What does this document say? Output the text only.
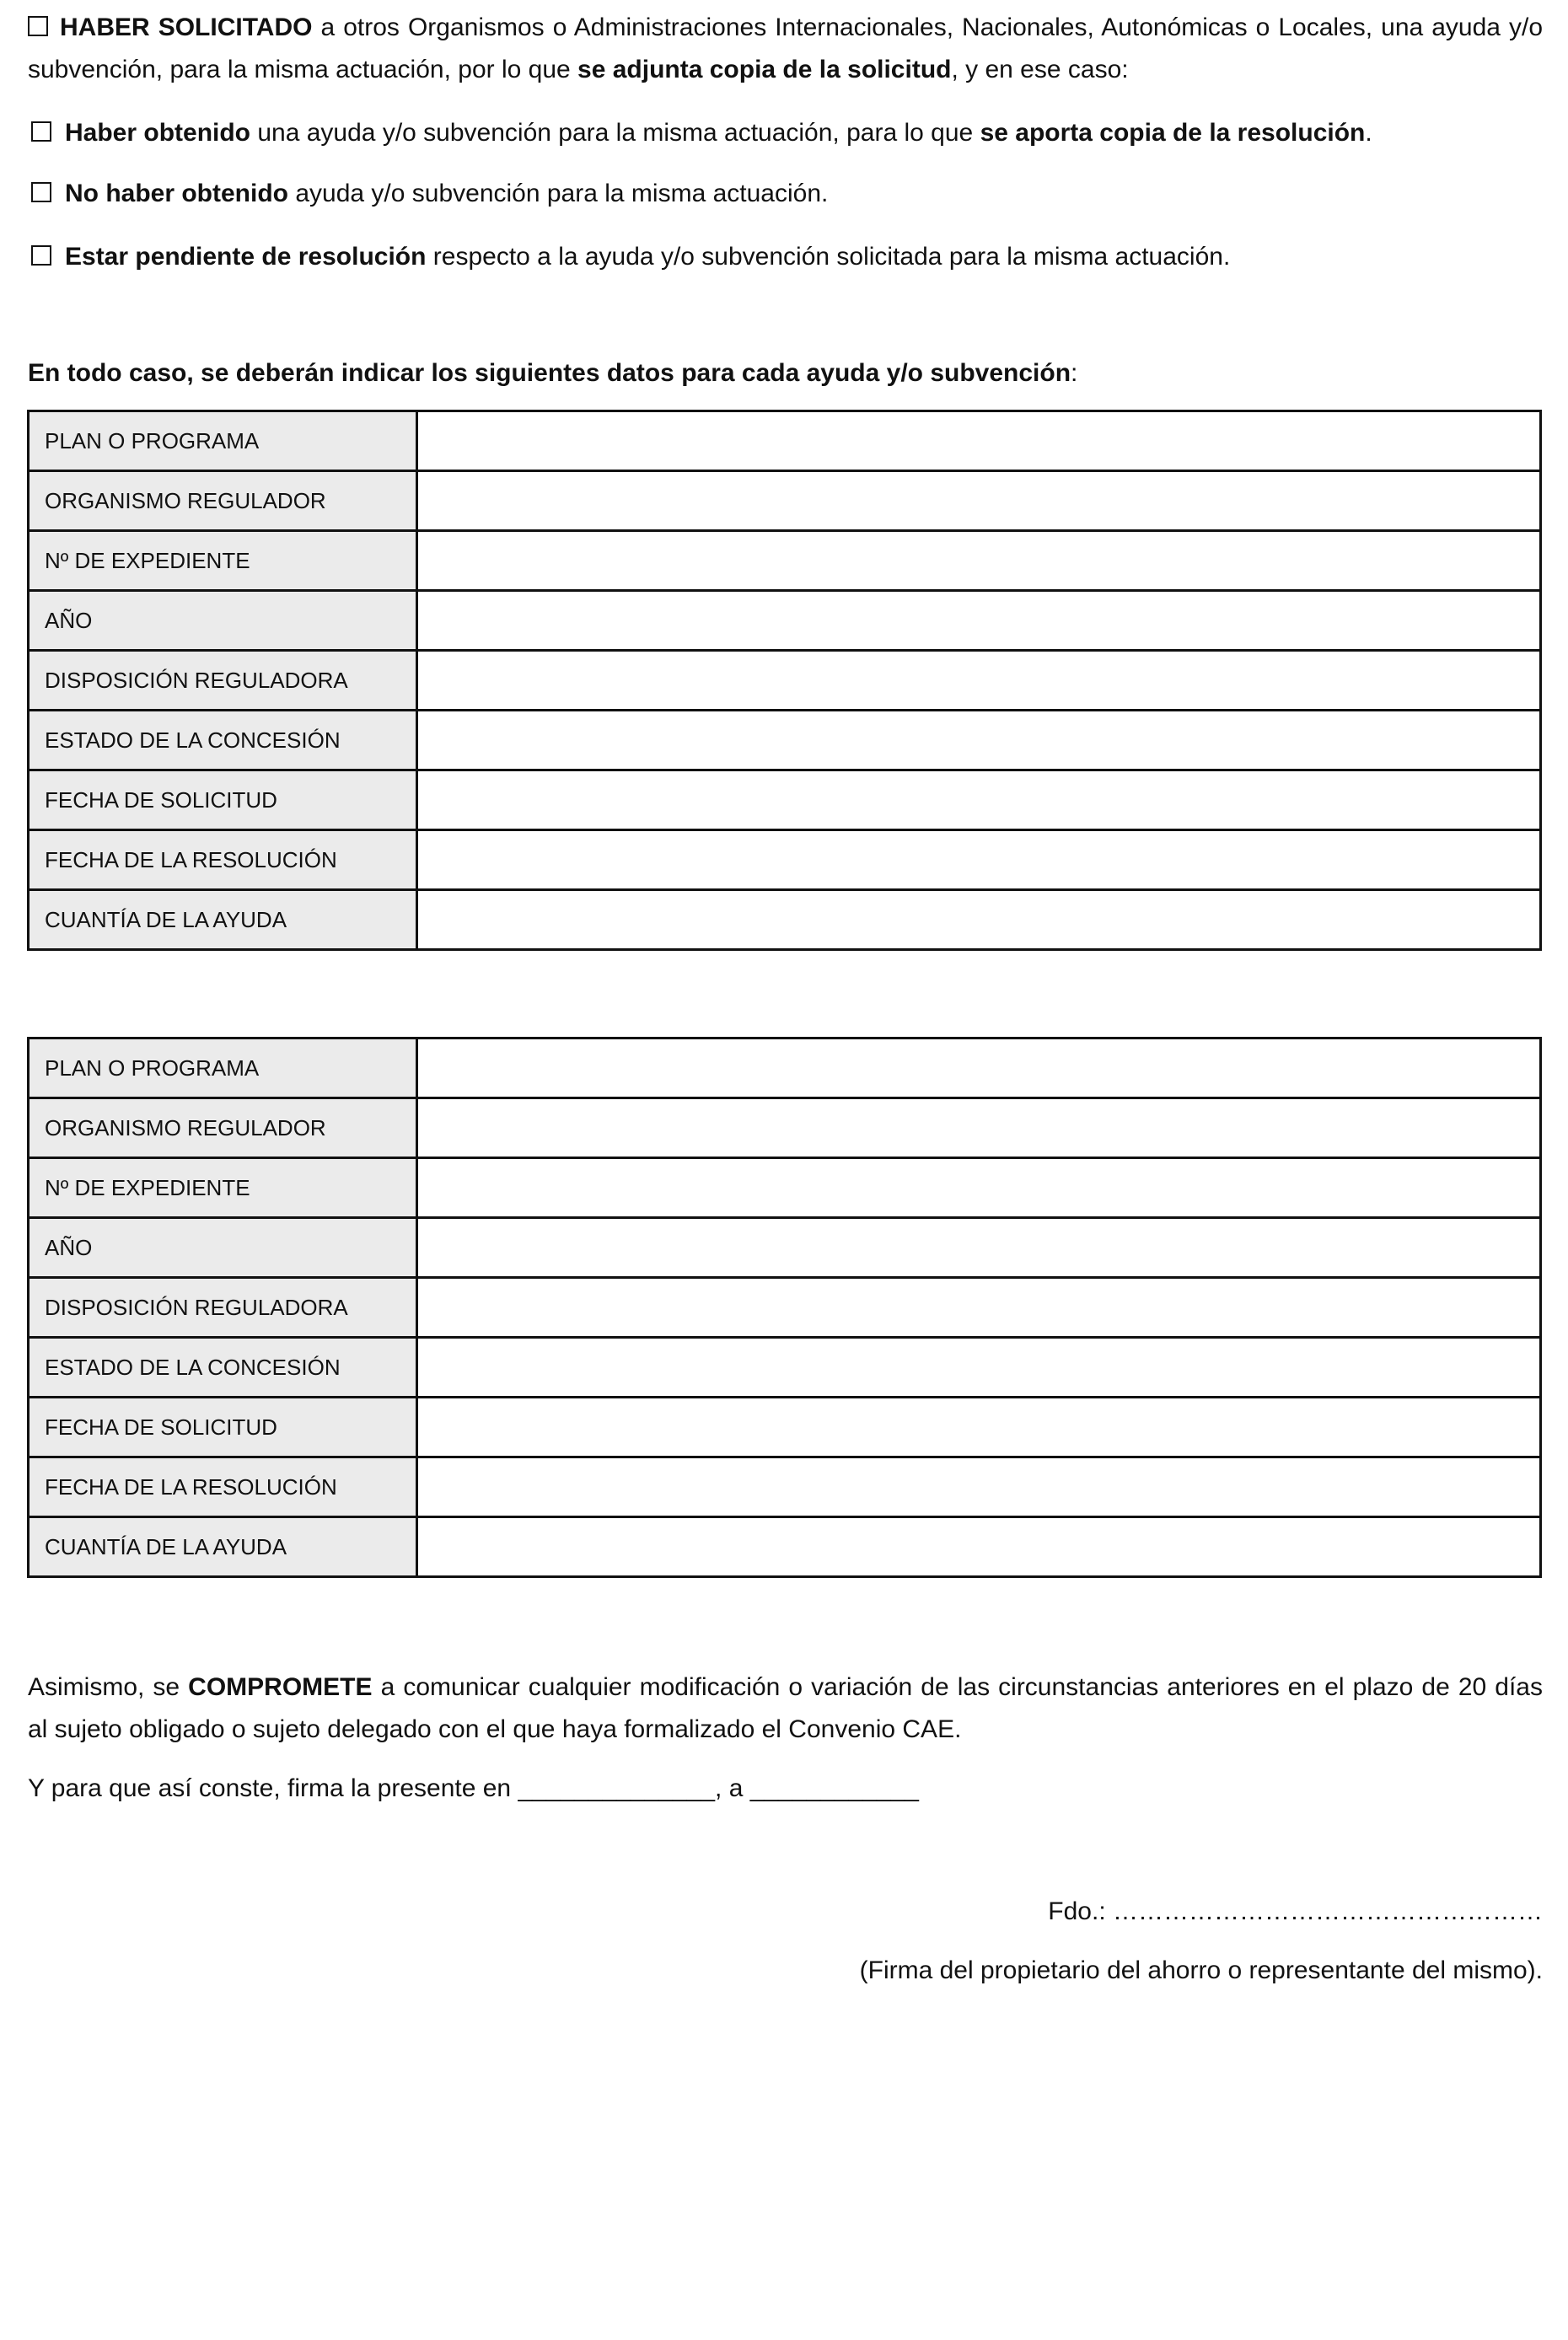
HABER SOLICITADO a otros Organismos o Administraciones Internacionales, Nacionales, Autonómicas o Locales, una ayuda y/o subvención, para la misma actuación, por lo que se adjunta copia de la solicitud, y en ese caso:
Haber obtenido una ayuda y/o subvención para la misma actuación, para lo que se aporta copia de la resolución.
No haber obtenido ayuda y/o subvención para la misma actuación.
Estar pendiente de resolución respecto a la ayuda y/o subvención solicitada para la misma actuación.
En todo caso, se deberán indicar los siguientes datos para cada ayuda y/o subvención:
PLAN O PROGRAMA	
ORGANISMO REGULADOR	
Nº DE EXPEDIENTE	
AÑO	
DISPOSICIÓN REGULADORA	
ESTADO DE LA CONCESIÓN	
FECHA DE SOLICITUD	
FECHA DE LA RESOLUCIÓN	
CUANTÍA DE LA AYUDA	
PLAN O PROGRAMA	
ORGANISMO REGULADOR	
Nº DE EXPEDIENTE	
AÑO	
DISPOSICIÓN REGULADORA	
ESTADO DE LA CONCESIÓN	
FECHA DE SOLICITUD	
FECHA DE LA RESOLUCIÓN	
CUANTÍA DE LA AYUDA	
Asimismo, se COMPROMETE a comunicar cualquier modificación o variación de las circunstancias anteriores en el plazo de 20 días al sujeto obligado o sujeto delegado con el que haya formalizado el Convenio CAE.
Y para que así conste, firma la presente en ______________, a ____________
Fdo.: ……………………………………………
(Firma del propietario del ahorro o representante del mismo).
